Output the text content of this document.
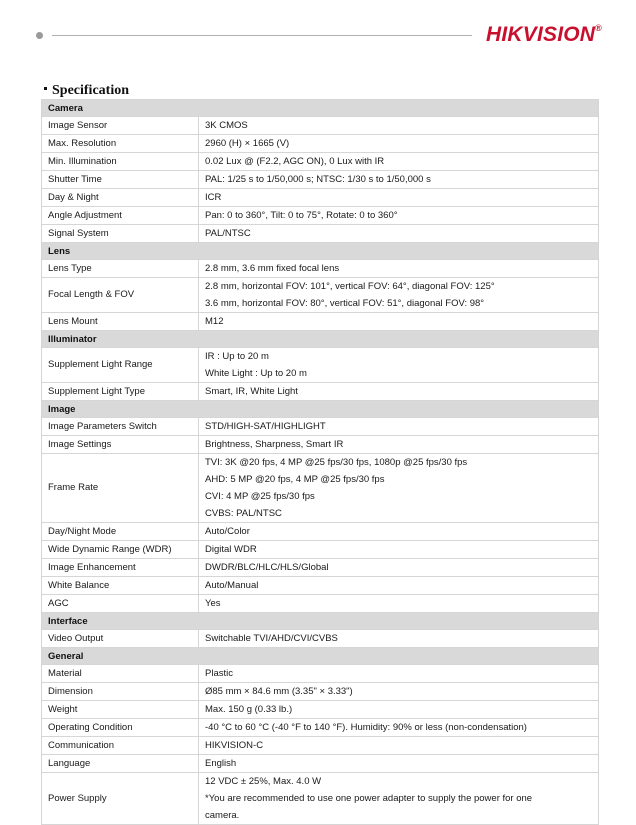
HIKVISION®
Specification
Camera	
Image Sensor	3K CMOS

Max. Resolution	2960 (H) × 1665 (V)

Min. Illumination	0.02 Lux @ (F2.2, AGC ON), 0 Lux with IR

Shutter Time	PAL: 1/25 s to 1/50,000 s; NTSC: 1/30 s to 1/50,000 s

Day & Night	ICR

Angle Adjustment	Pan: 0 to 360°, Tilt: 0 to 75°, Rotate: 0 to 360°

Signal System	PAL/NTSC

Lens	
Lens Type	2.8 mm, 3.6 mm fixed focal lens

Focal Length & FOV	2.8 mm, horizontal FOV: 101°, vertical FOV: 64°, diagonal FOV: 125°
3.6 mm, horizontal FOV: 80°, vertical FOV: 51°, diagonal FOV: 98°

Lens Mount	M12

Illuminator	
Supplement Light Range	IR : Up to 20 m
White Light : Up to 20 m

Supplement Light Type	Smart, IR, White Light

Image	
Image Parameters Switch	STD/HIGH-SAT/HIGHLIGHT

Image Settings	Brightness, Sharpness, Smart IR

Frame Rate	TVI: 3K @20 fps, 4 MP @25 fps/30 fps, 1080p @25 fps/30 fps
AHD: 5 MP @20 fps, 4 MP @25 fps/30 fps
CVI: 4 MP @25 fps/30 fps
CVBS: PAL/NTSC

Day/Night Mode	Auto/Color

Wide Dynamic Range (WDR)	Digital WDR

Image Enhancement	DWDR/BLC/HLC/HLS/Global

White Balance	Auto/Manual

AGC	Yes

Interface	
Video Output	Switchable TVI/AHD/CVI/CVBS

General	
Material	Plastic

Dimension	Ø85 mm × 84.6 mm (3.35" × 3.33")

Weight	Max. 150 g (0.33 lb.)

Operating Condition	-40 °C to 60 °C (-40 °F to 140 °F). Humidity: 90% or less (non-condensation)

Communication	HIKVISION-C

Language	English

Power Supply	12 VDC ± 25%, Max. 4.0 W
*You are recommended to use one power adapter to supply the power for one
camera.
